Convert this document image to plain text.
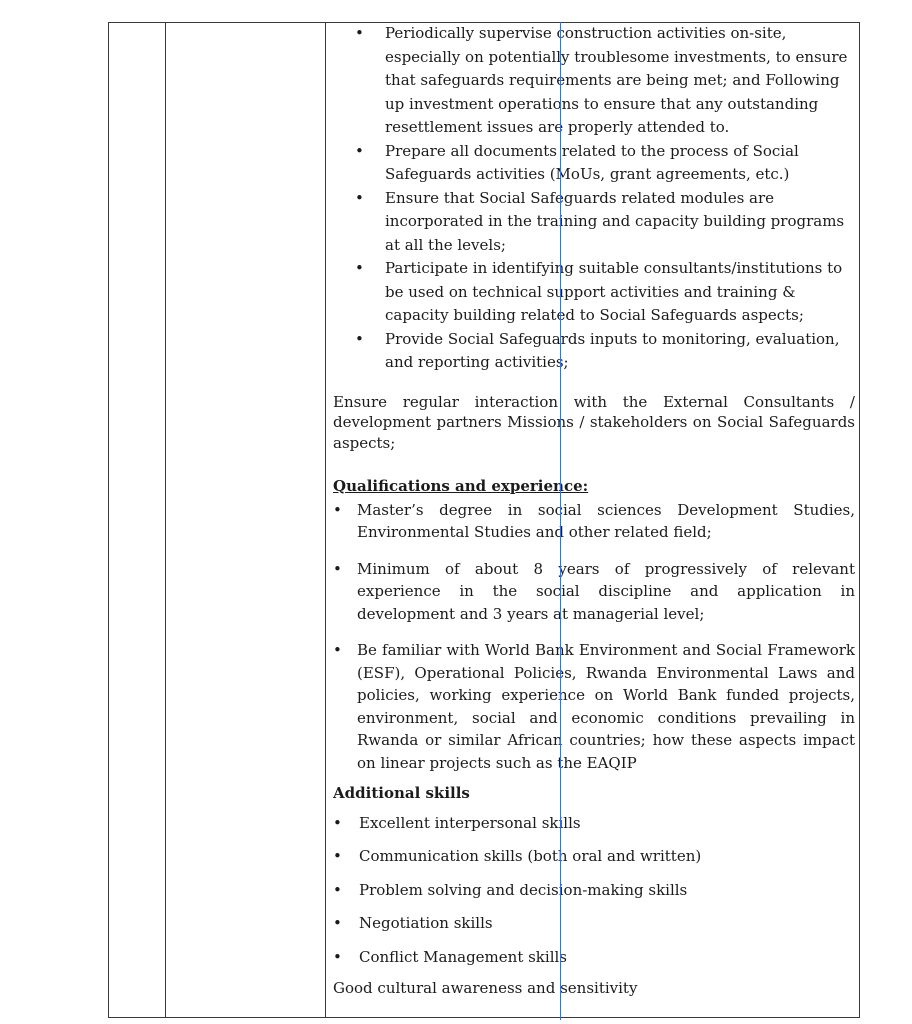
• Periodically supervise construction activities on-site, especially on potentially troublesome investments, to ensure that safeguards requirements are being met; and Following up investment operations to ensure that any outstanding resettlement issues are properly attended to.
• Prepare all documents related to the process of Social Safeguards activities (MoUs, grant agreements, etc.)
• Ensure that Social Safeguards related modules are incorporated in the training and capacity building programs at all the levels;
• Participate in identifying suitable consultants/institutions to be used on technical support activities and training & capacity building related to Social Safeguards aspects;
• Provide Social Safeguards inputs to monitoring, evaluation, and reporting activities;
Ensure regular interaction with the External Consultants / development partners Missions / stakeholders on Social Safeguards aspects;
Qualifications and experience:
• Master’s degree in social sciences Development Studies, Environmental Studies and other related field;
• Minimum of about 8 years of progressively of relevant experience in the social discipline and application in development and 3 years at managerial level;
• Be familiar with World Bank Environment and Social Framework (ESF), Operational Policies, Rwanda Environmental Laws and policies, working experience on World Bank funded projects, environment, social and economic conditions prevailing in Rwanda or similar African countries; how these aspects impact on linear projects such as the EAQIP
Additional skills
• Excellent interpersonal skills
• Communication skills (both oral and written)
• Problem solving and decision-making skills
• Negotiation skills
• Conflict Management skills
Good cultural awareness and sensitivity
